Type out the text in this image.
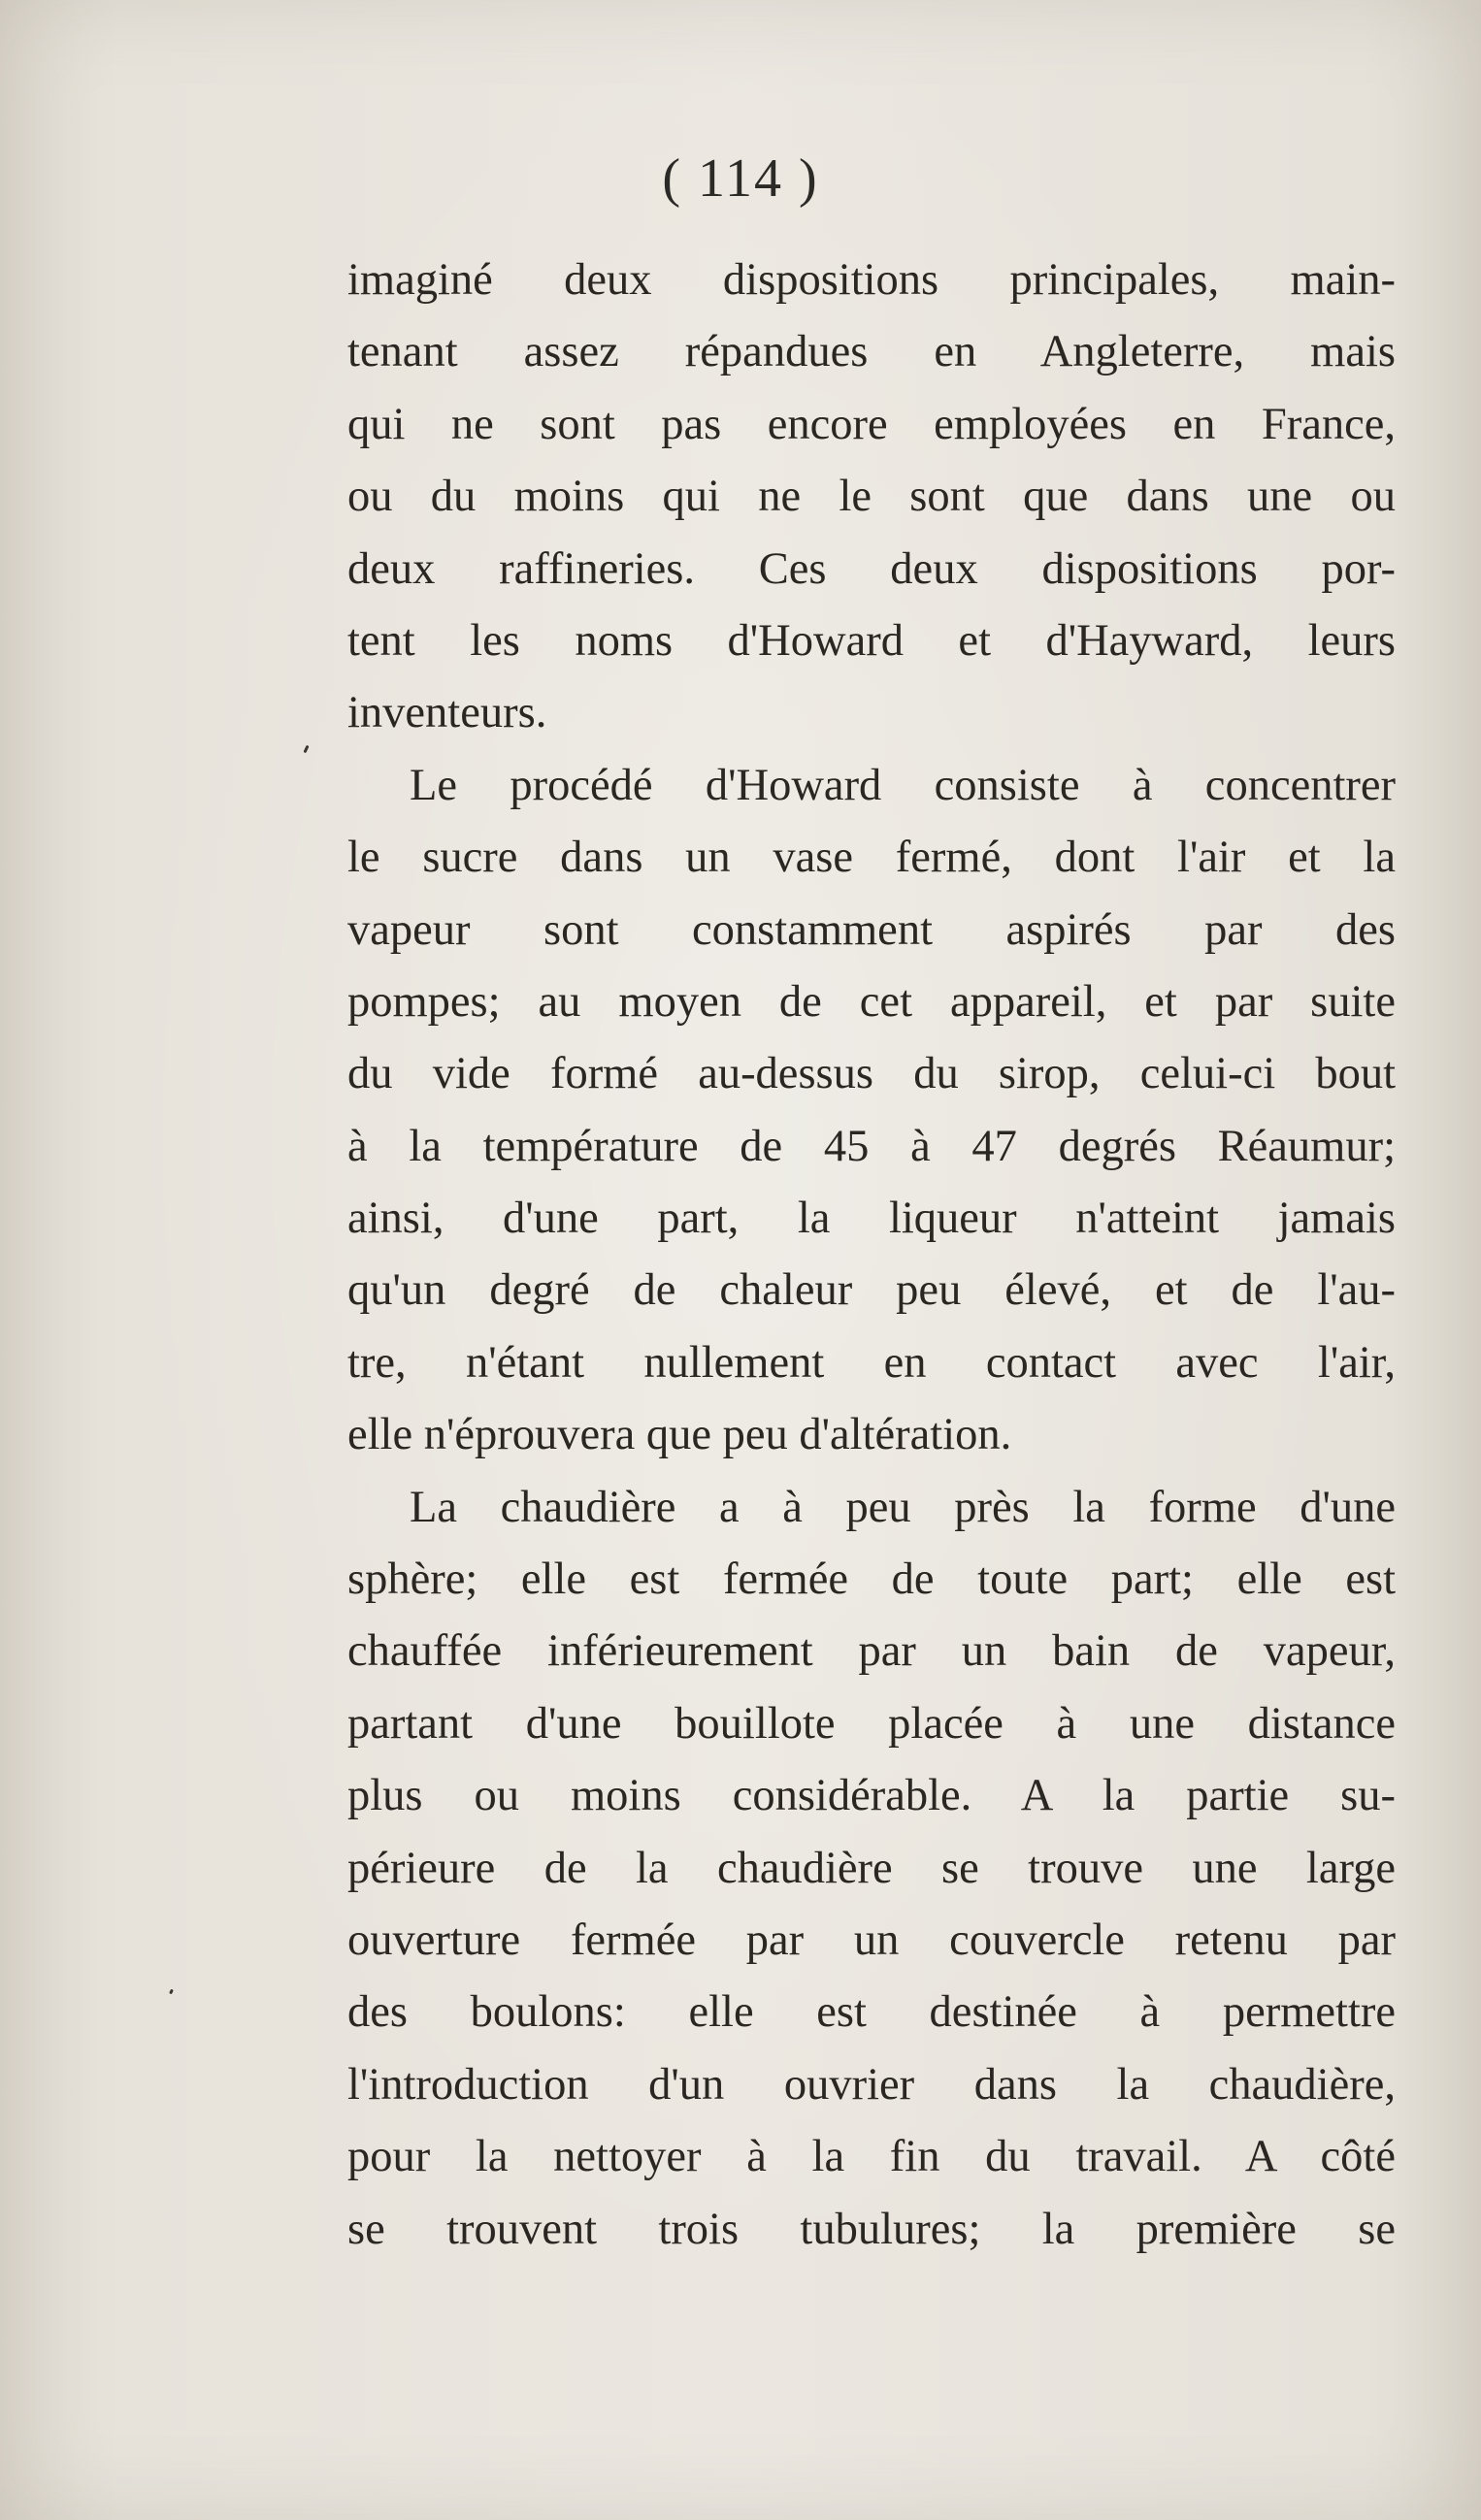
( 114 )
imaginé deux dispositions principales, main-
tenant assez répandues en Angleterre, mais
qui ne sont pas encore employées en France,
ou du moins qui ne le sont que dans une ou
deux raffineries. Ces deux dispositions por-
tent les noms d'Howard et d'Hayward, leurs
inventeurs.
Le procédé d'Howard consiste à concentrer
le sucre dans un vase fermé, dont l'air et la
vapeur sont constamment aspirés par des
pompes; au moyen de cet appareil, et par suite
du vide formé au-dessus du sirop, celui-ci bout
à la température de 45 à 47 degrés Réaumur;
ainsi, d'une part, la liqueur n'atteint jamais
qu'un degré de chaleur peu élevé, et de l'au-
tre, n'étant nullement en contact avec l'air,
elle n'éprouvera que peu d'altération.
La chaudière a à peu près la forme d'une
sphère; elle est fermée de toute part; elle est
chauffée inférieurement par un bain de vapeur,
partant d'une bouillote placée à une distance
plus ou moins considérable. A la partie su-
périeure de la chaudière se trouve une large
ouverture fermée par un couvercle retenu par
des boulons: elle est destinée à permettre
l'introduction d'un ouvrier dans la chaudière,
pour la nettoyer à la fin du travail. A côté
se trouvent trois tubulures; la première se
